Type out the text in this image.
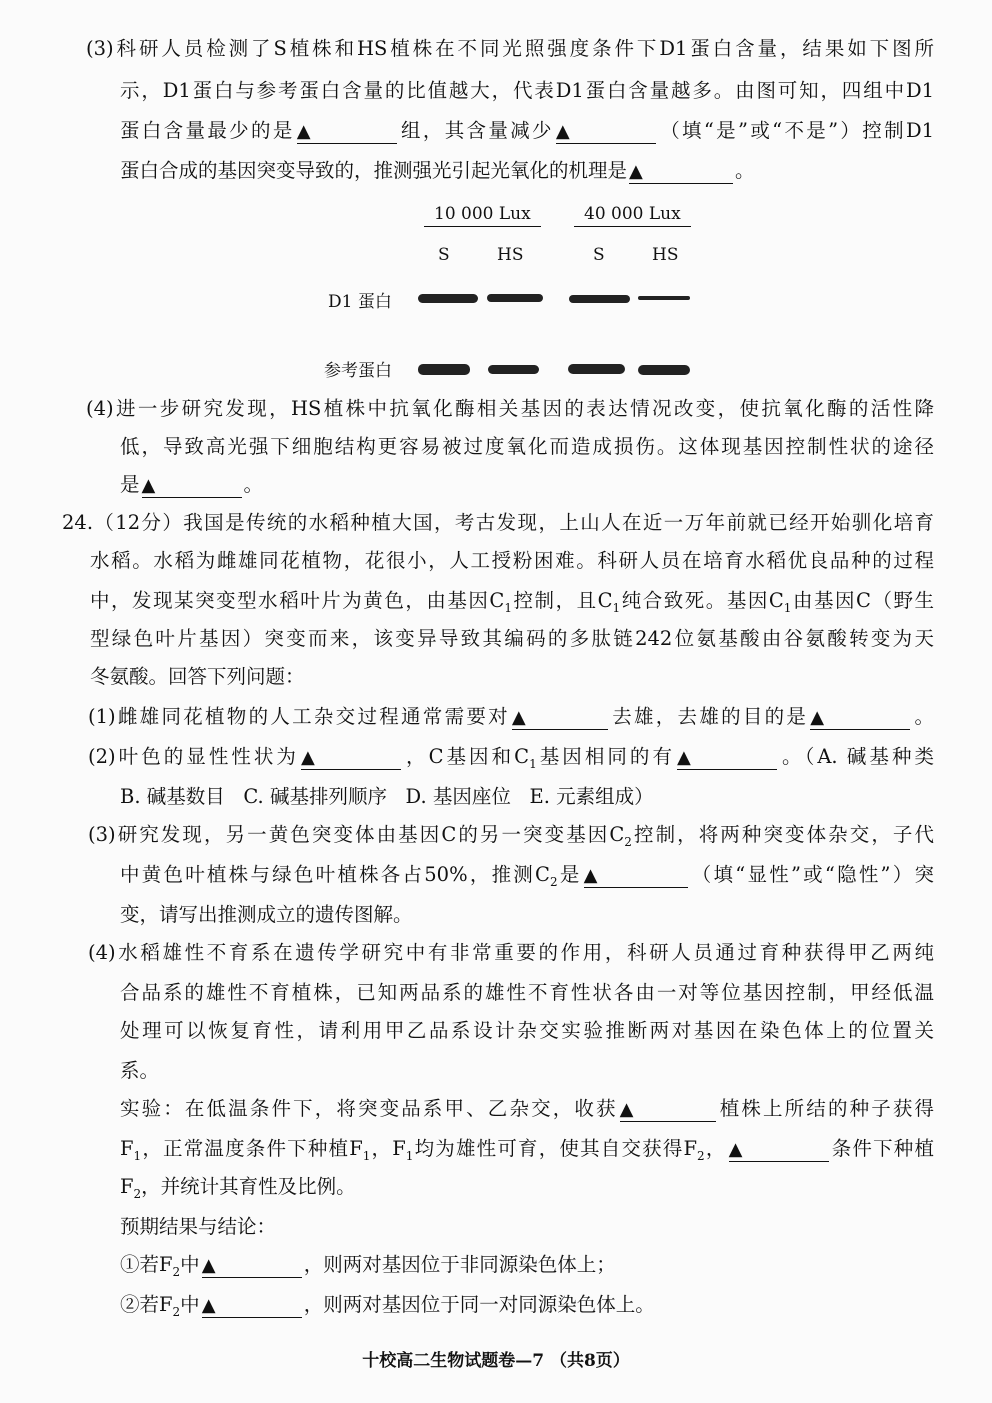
(3)科研人员检测了S植株和HS植株在不同光照强度条件下D1蛋白含量，结果如下图所
示，D1蛋白与参考蛋白含量的比值越大，代表D1蛋白含量越多。由图可知，四组中D1
蛋白含量最少的是 ▲	组，其含量减少 ▲	（填“是”或“不是”）控制D1
蛋白合成的基因突变导致的，推测强光引起光氧化的机理是 ▲	。
10 000 Lux	40 000 Lux
S	HS	S	HS
D1 蛋白
参考蛋白
(4)进一步研究发现，HS植株中抗氧化酶相关基因的表达情况改变，使抗氧化酶的活性降
低，导致高光强下细胞结构更容易被过度氧化而造成损伤。这体现基因控制性状的途径
是 ▲	。
24.（12分）我国是传统的水稻种植大国，考古发现，上山人在近一万年前就已经开始驯化培育
水稻。水稻为雌雄同花植物，花很小，人工授粉困难。科研人员在培育水稻优良品种的过程
中，发现某突变型水稻叶片为黄色，由基因$C_1$控制，且$C_1$纯合致死。基因$C_1$由基因C（野生
型绿色叶片基因）突变而来，该变异导致其编码的多肽链242位氨基酸由谷氨酸转变为天
冬氨酸。回答下列问题：
(1)雌雄同花植物的人工杂交过程通常需要对 ▲	去雄，去雄的目的是 ▲	。
(2)叶色的显性性状为 ▲	，C基因和$C_1$基因相同的有 ▲	。（A. 碱基种类
B. 碱基数目   C. 碱基排列顺序   D. 基因座位   E. 元素组成）
(3)研究发现，另一黄色突变体由基因C的另一突变基因$C_2$控制，将两种突变体杂交，子代
中黄色叶植株与绿色叶植株各占50%，推测$C_2$是 ▲	（填“显性”或“隐性”）突
变，请写出推测成立的遗传图解。
(4)水稻雄性不育系在遗传学研究中有非常重要的作用，科研人员通过育种获得甲乙两纯
合品系的雄性不育植株，已知两品系的雄性不育性状各由一对等位基因控制，甲经低温
处理可以恢复育性，请利用甲乙品系设计杂交实验推断两对基因在染色体上的位置关
系。
实验：在低温条件下，将突变品系甲、乙杂交，收获 ▲	植株上所结的种子获得
$F_1$，正常温度条件下种植$F_1$，$F_1$均为雄性可育，使其自交获得$F_2$， ▲	条件下种植
$F_2$，并统计其育性及比例。
预期结果与结论：
①若$F_2$中 ▲	，则两对基因位于非同源染色体上；
②若$F_2$中 ▲	，则两对基因位于同一对同源染色体上。
十校高二生物试题卷—7 （共8页）
